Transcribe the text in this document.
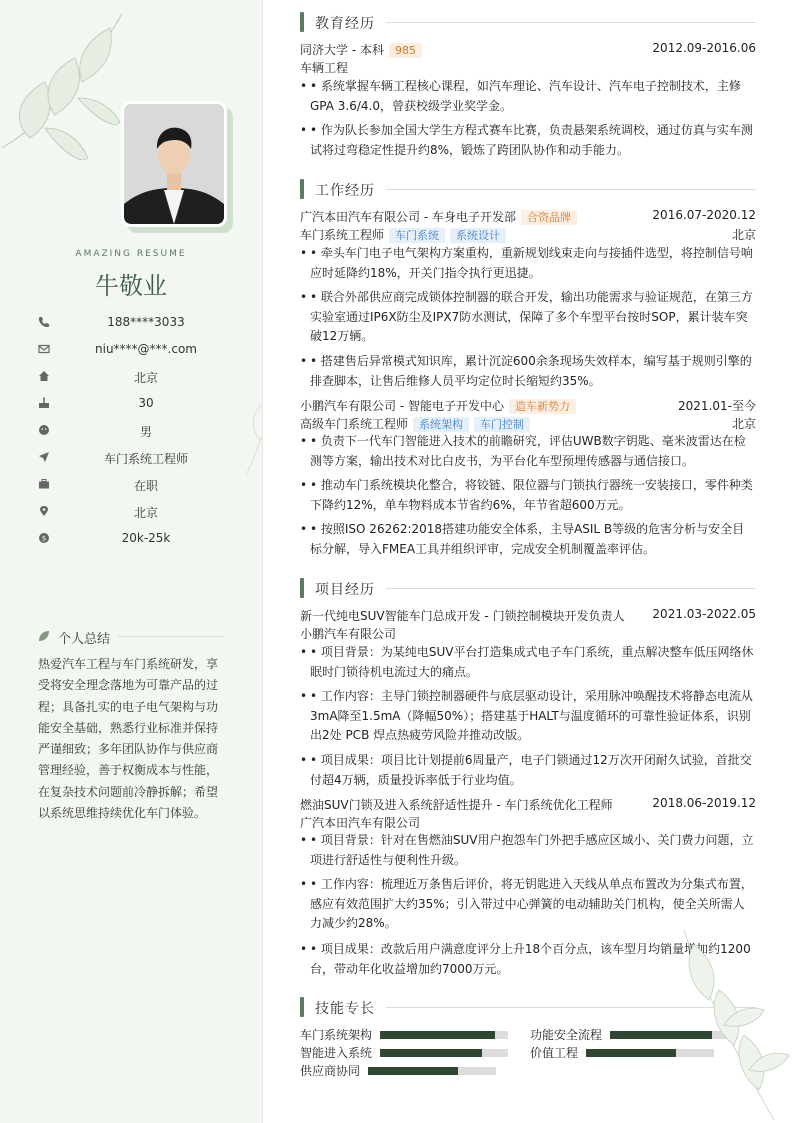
AMAZING RESUME
牛敬业
188****3033
niu****@***.com
北京
30
男
车门系统工程师
在职
北京
$	20k-25k
个人总结
热爱汽车工程与车门系统研发，享受将安全理念落地为可靠产品的过程；具备扎实的电子电气架构与功能安全基础，熟悉行业标准并保持严谨细致；多年团队协作与供应商管理经验，善于权衡成本与性能，在复杂技术问题前冷静拆解；希望以系统思维持续优化车门体验。
教育经历
同济大学 - 本科 985	2012.09-2016.06
车辆工程
• • 系统掌握车辆工程核心课程，如汽车理论、汽车设计、汽车电子控制技术，主修GPA 3.6/4.0，曾获校级学业奖学金。
• • 作为队长参加全国大学生方程式赛车比赛，负责悬架系统调校，通过仿真与实车测试将过弯稳定性提升约8%，锻炼了跨团队协作和动手能力。
工作经历
广汽本田汽车有限公司 - 车身电子开发部 合资品牌	2016.07-2020.12
车门系统工程师 车门系统 系统设计	北京
• • 牵头车门电子电气架构方案重构，重新规划线束走向与接插件选型，将控制信号响应时延降约18%，开关门指令执行更迅捷。
• • 联合外部供应商完成锁体控制器的联合开发，输出功能需求与验证规范，在第三方实验室通过IP6X防尘及IPX7防水测试，保障了多个车型平台按时SOP，累计装车突破12万辆。
• • 搭建售后异常模式知识库，累计沉淀600余条现场失效样本，编写基于规则引擎的排查脚本，让售后维修人员平均定位时长缩短约35%。
小鹏汽车有限公司 - 智能电子开发中心 造车新势力	2021.01-至今
高级车门系统工程师 系统架构 车门控制	北京
• • 负责下一代车门智能进入技术的前瞻研究，评估UWB数字钥匙、毫米波雷达在检测等方案，输出技术对比白皮书，为平台化车型预埋传感器与通信接口。
• • 推动车门系统模块化整合，将铰链、限位器与门锁执行器统一安装接口，零件种类下降约12%，单车物料成本节省约6%，年节省超600万元。
• • 按照ISO 26262:2018搭建功能安全体系，主导ASIL B等级的危害分析与安全目标分解，导入FMEA工具并组织评审，完成安全机制覆盖率评估。
项目经历
新一代纯电SUV智能车门总成开发 - 门锁控制模块开发负责人 2021.03-2022.05
小鹏汽车有限公司
• • 项目背景：为某纯电SUV平台打造集成式电子车门系统，重点解决整车低压网络休眠时门锁待机电流过大的痛点。
• • 工作内容：主导门锁控制器硬件与底层驱动设计，采用脉冲唤醒技术将静态电流从3mA降至1.5mA（降幅50%）；搭建基于HALT与温度循环的可靠性验证体系，识别出2处 PCB 焊点热疲劳风险并推动改版。
• • 项目成果：项目比计划提前6周量产，电子门锁通过12万次开闭耐久试验，首批交付超4万辆，质量投诉率低于行业均值。
燃油SUV门锁及进入系统舒适性提升 - 车门系统优化工程师	2018.06-2019.12
广汽本田汽车有限公司
• • 项目背景：针对在售燃油SUV用户抱怨车门外把手感应区域小、关门费力问题，立项进行舒适性与便利性升级。
• • 工作内容：梳理近万条售后评价，将无钥匙进入天线从单点布置改为分集式布置，感应有效范围扩大约35%；引入带过中心弹簧的电动辅助关门机构，使全关所需人力减少约28%。
• • 项目成果：改款后用户满意度评分上升18个百分点，该车型月均销量增加约1200台，带动年化收益增加约7000万元。
技能专长
车门系统架构	功能安全流程
智能进入系统	价值工程
供应商协同
